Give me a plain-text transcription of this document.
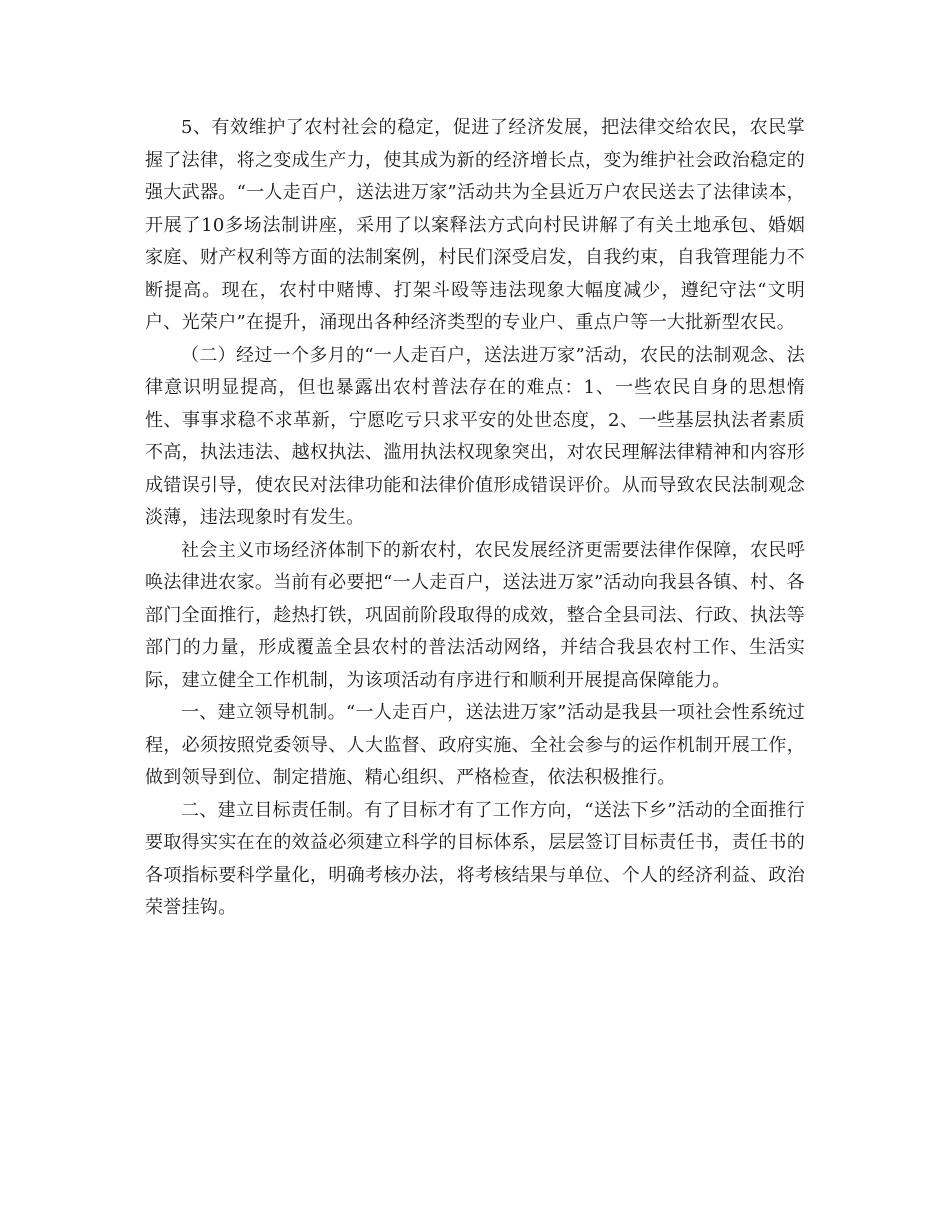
5、有效维护了农村社会的稳定，促进了经济发展，把法律交给农民，农民掌握了法律，将之变成生产力，使其成为新的经济增长点，变为维护社会政治稳定的强大武器。“一人走百户，送法进万家”活动共为全县近万户农民送去了法律读本，开展了10多场法制讲座，采用了以案释法方式向村民讲解了有关土地承包、婚姻家庭、财产权利等方面的法制案例，村民们深受启发，自我约束，自我管理能力不断提高。现在，农村中赌博、打架斗殴等违法现象大幅度减少，遵纪守法“文明户、光荣户”在提升，涌现出各种经济类型的专业户、重点户等一大批新型农民。

（二）经过一个多月的“一人走百户，送法进万家”活动，农民的法制观念、法律意识明显提高，但也暴露出农村普法存在的难点：1、一些农民自身的思想惰性、事事求稳不求革新，宁愿吃亏只求平安的处世态度，2、一些基层执法者素质不高，执法违法、越权执法、滥用执法权现象突出，对农民理解法律精神和内容形成错误引导，使农民对法律功能和法律价值形成错误评价。从而导致农民法制观念淡薄，违法现象时有发生。

社会主义市场经济体制下的新农村，农民发展经济更需要法律作保障，农民呼唤法律进农家。当前有必要把“一人走百户，送法进万家”活动向我县各镇、村、各部门全面推行，趁热打铁，巩固前阶段取得的成效，整合全县司法、行政、执法等部门的力量，形成覆盖全县农村的普法活动网络，并结合我县农村工作、生活实际，建立健全工作机制，为该项活动有序进行和顺利开展提高保障能力。

一、建立领导机制。“一人走百户，送法进万家”活动是我县一项社会性系统过程，必须按照党委领导、人大监督、政府实施、全社会参与的运作机制开展工作，做到领导到位、制定措施、精心组织、严格检查，依法积极推行。

二、建立目标责任制。有了目标才有了工作方向，“送法下乡”活动的全面推行要取得实实在在的效益必须建立科学的目标体系，层层签订目标责任书，责任书的各项指标要科学量化，明确考核办法，将考核结果与单位、个人的经济利益、政治荣誉挂钩。
